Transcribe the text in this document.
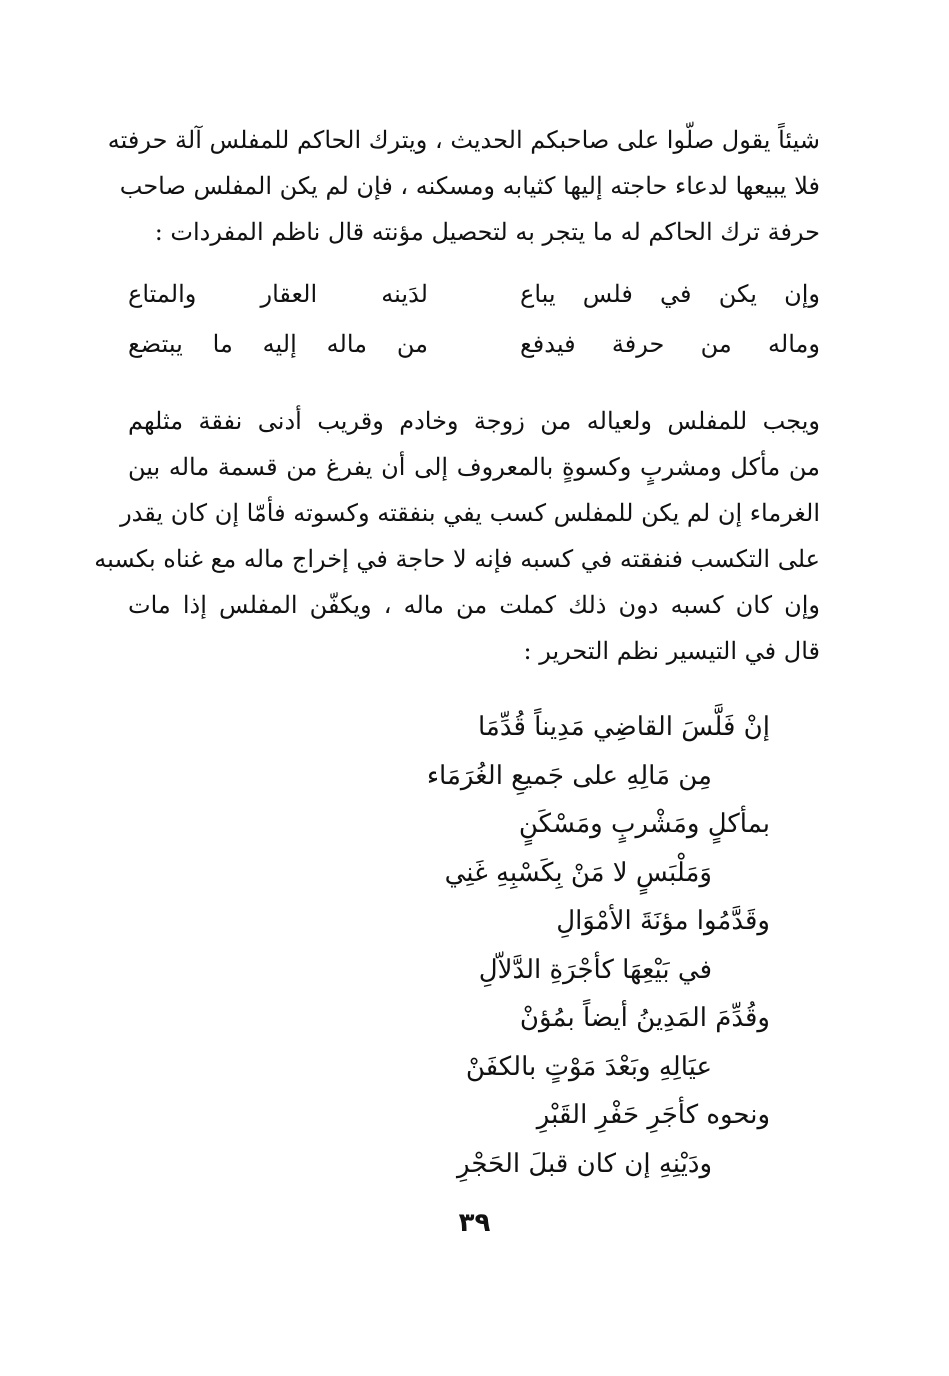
شيئاً يقول صلّوا على صاحبكم الحديث ، ويترك الحاكم للمفلس آلة حرفته
فلا يبيعها لدعاء حاجته إليها كثيابه ومسكنه ، فإن لم يكن المفلس صاحب
حرفة ترك الحاكم له ما يتجر به لتحصيل مؤنته قال ناظم المفردات :
وإن يكن في فلس يباع
لدَينه العقار والمتاع
وماله من حرفة فيدفع
من ماله إليه ما يبتضع
ويجب للمفلس ولعياله من زوجة وخادم وقريب أدنى نفقة مثلهم
من مأكل ومشربٍ وكسوةٍ بالمعروف إلى أن يفرغ من قسمة ماله بين
الغرماء إن لم يكن للمفلس كسب يفي بنفقته وكسوته فأمّا إن كان يقدر
على التكسب فنفقته في كسبه فإنه لا حاجة في إخراج ماله مع غناه بكسبه
وإن كان كسبه دون ذلك كملت من ماله ، ويكفّن المفلس إذا مات
قال في التيسير نظم التحرير :
إنْ فَلَّسَ القاضِي مَدِيناً قُدِّمَا
مِن مَالِهِ على جَميعِ الغُرَمَاء
بمأكلٍ ومَشْربٍ ومَسْكَنٍ
وَمَلْبَسٍ لا مَنْ بِكَسْبِهِ غَنِي
وقَدَّمُوا مؤنَةَ الأمْوَالِ
في بَيْعِهَا كأجْرَةِ الدَّلاّلِ
وقُدِّمَ المَدِينُ أيضاً بمُؤنْ
عيَالِهِ وبَعْدَ مَوْتٍ بالكفَنْ
ونحوه كأجَرِ حَفْرِ القَبْرِ
ودَيْنِهِ إن كان قبلَ الحَجْرِ
٣٩
